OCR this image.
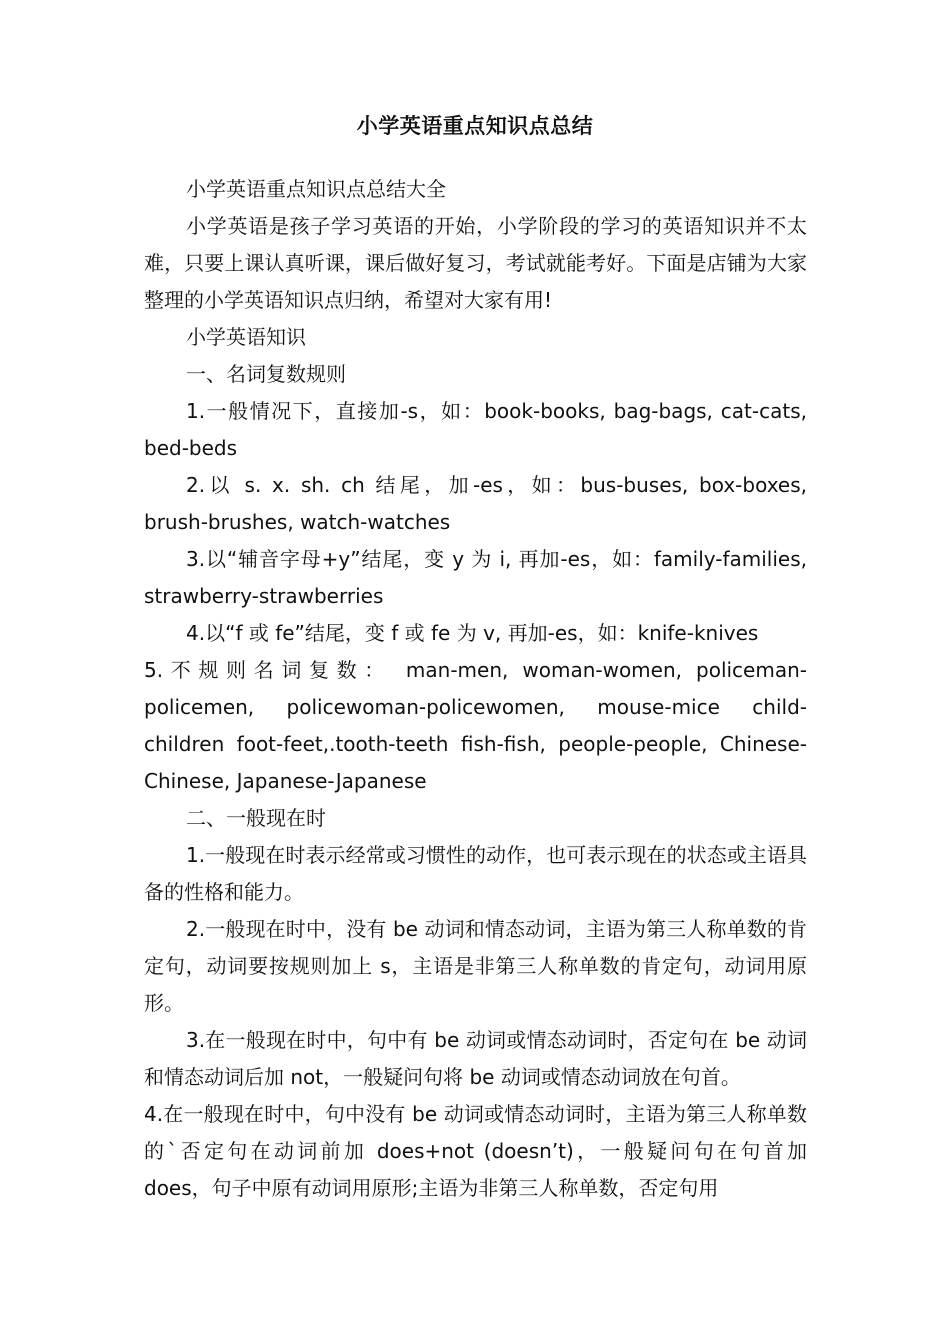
小学英语重点知识点总结

小学英语重点知识点总结大全

小学英语是孩子学习英语的开始，小学阶段的学习的英语知识并不太难，只要上课认真听课，课后做好复习，考试就能考好。下面是店铺为大家整理的小学英语知识点归纳，希望对大家有用!

小学英语知识

一、名词复数规则

1.一般情况下，直接加-s，如：book-books, bag-bags, cat-cats, bed-beds

2.以 s. x. sh. ch 结尾，加-es，如：bus-buses, box-boxes, brush-brushes, watch-watches

3.以“辅音字母+y”结尾，变 y 为 i, 再加-es，如：family-families, strawberry-strawberries

4.以“f 或 fe”结尾，变 f 或 fe 为 v, 再加-es，如：knife-knives

5.不规则名词复数： man-men, woman-women, policeman-policemen, policewoman-policewomen, mouse-mice child-children foot-feet,.tooth-teeth fish-fish, people-people, Chinese-Chinese, Japanese-Japanese

二、一般现在时

1.一般现在时表示经常或习惯性的动作，也可表示现在的状态或主语具备的性格和能力。

2.一般现在时中，没有 be 动词和情态动词，主语为第三人称单数的肯定句，动词要按规则加上 s，主语是非第三人称单数的肯定句，动词用原形。

3.在一般现在时中，句中有 be 动词或情态动词时，否定句在 be 动词和情态动词后加 not，一般疑问句将 be 动词或情态动词放在句首。

4.在一般现在时中，句中没有 be 动词或情态动词时，主语为第三人称单数的`否定句在动词前加 does+not (doesn’t)，一般疑问句在句首加 does，句子中原有动词用原形;主语为非第三人称单数，否定句用
